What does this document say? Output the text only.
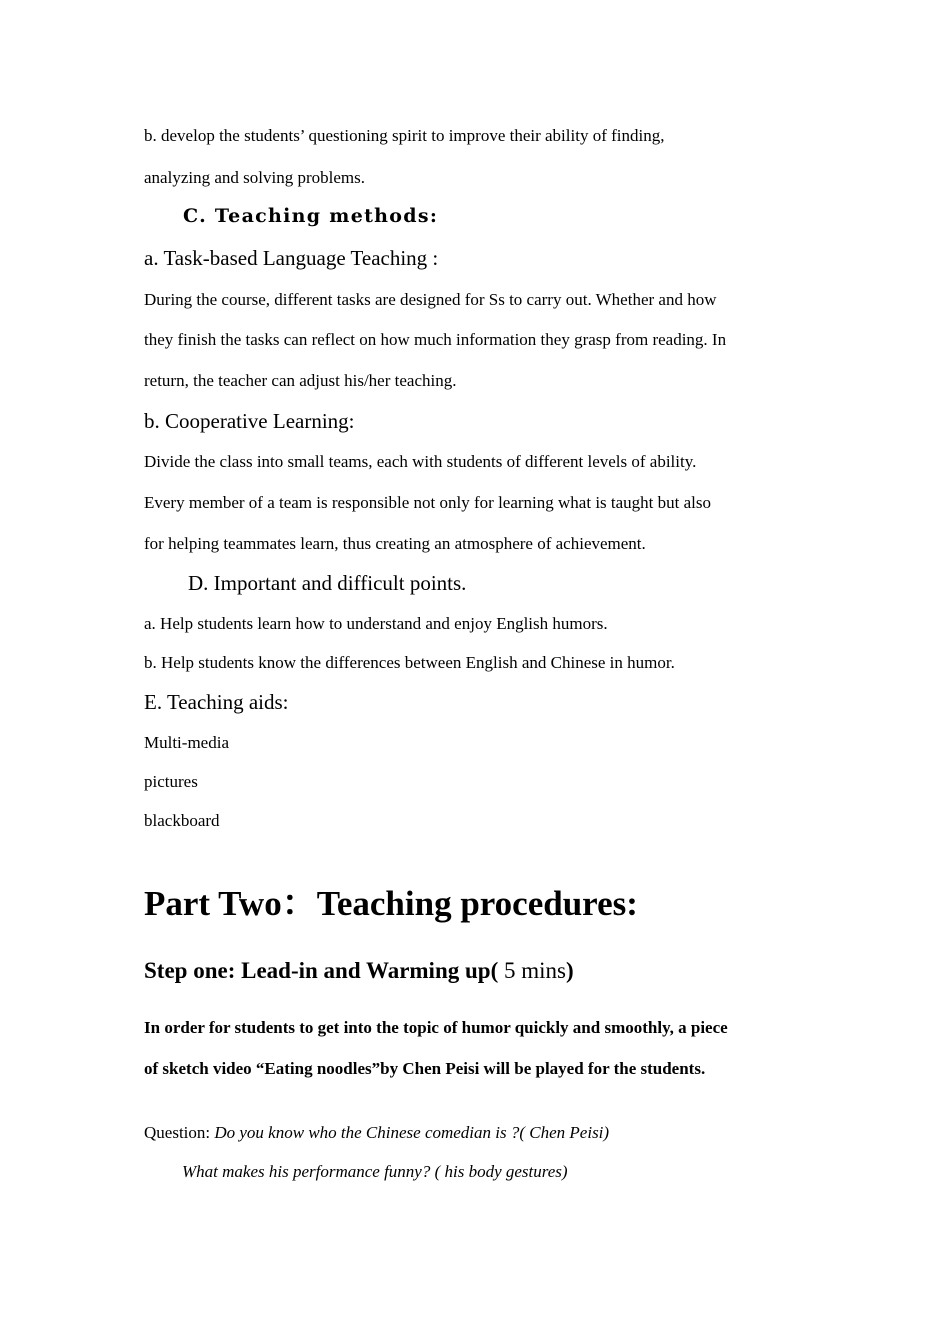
b. develop the students’ questioning spirit to improve their ability of finding,

analyzing and solving problems.

C. Teaching methods:

a. Task-based Language Teaching :

During the course, different tasks are designed for Ss to carry out. Whether and how

they finish the tasks can reflect on how much information they grasp from reading. In

return, the teacher can adjust his/her teaching.

b. Cooperative Learning:

Divide the class into small teams, each with students of different levels of ability.

Every member of a team is responsible not only for learning what is taught but also

for helping teammates learn, thus creating an atmosphere of achievement.

D. Important and difficult points.

a. Help students learn how to understand and enjoy English humors.

b. Help students know the differences between English and Chinese in humor.

E. Teaching aids:

Multi-media

pictures

blackboard

Part Two：Teaching procedures:

Step one: Lead-in and Warming up( 5 mins)

In order for students to get into the topic of humor quickly and smoothly, a piece

of sketch video “Eating noodles”by Chen Peisi will be played for the students.

Question: Do you know who the Chinese comedian is ?( Chen Peisi)

What makes his performance funny? ( his body gestures)
